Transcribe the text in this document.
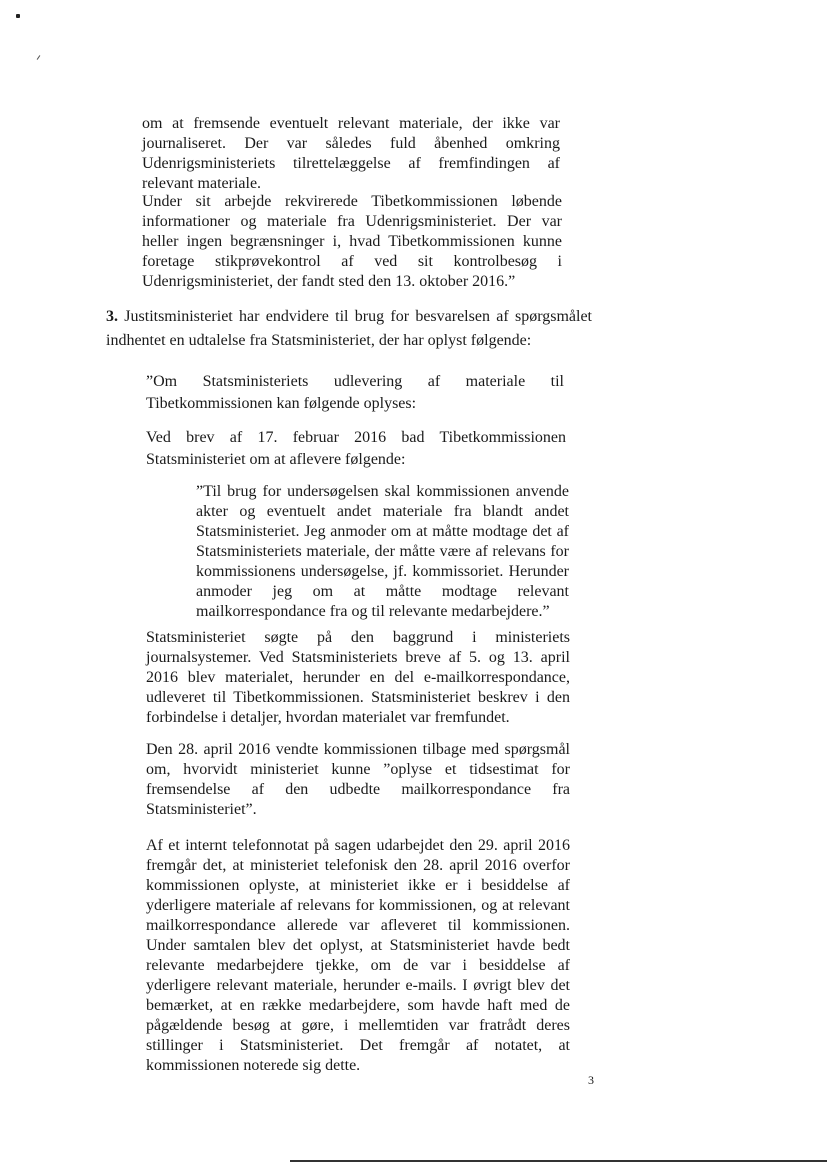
om at fremsende eventuelt relevant materiale, der ikke var journaliseret. Der var således fuld åbenhed omkring Udenrigsministeriets tilrettelæggelse af fremfindingen af relevant materiale.

Under sit arbejde rekvirerede Tibetkommissionen løbende informationer og materiale fra Udenrigsministeriet. Der var heller ingen begrænsninger i, hvad Tibetkommissionen kunne foretage stikprøvekontrol af ved sit kontrolbesøg i Udenrigsministeriet, der fandt sted den 13. oktober 2016.”

3. Justitsministeriet har endvidere til brug for besvarelsen af spørgsmålet indhentet en udtalelse fra Statsministeriet, der har oplyst følgende:

”Om Statsministeriets udlevering af materiale til Tibetkommissionen kan følgende oplyses:

Ved brev af 17. februar 2016 bad Tibetkommissionen Statsministeriet om at aflevere følgende:

”Til brug for undersøgelsen skal kommissionen anvende akter og eventuelt andet materiale fra blandt andet Statsministeriet. Jeg anmoder om at måtte modtage det af Statsministeriets materiale, der måtte være af relevans for kommissionens undersøgelse, jf. kommissoriet. Herunder anmoder jeg om at måtte modtage relevant mailkorrespondance fra og til relevante medarbejdere.”

Statsministeriet søgte på den baggrund i ministeriets journalsystemer. Ved Statsministeriets breve af 5. og 13. april 2016 blev materialet, herunder en del e-mailkorrespondance, udleveret til Tibetkommissionen. Statsministeriet beskrev i den forbindelse i detaljer, hvordan materialet var fremfundet.

Den 28. april 2016 vendte kommissionen tilbage med spørgsmål om, hvorvidt ministeriet kunne ”oplyse et tidsestimat for fremsendelse af den udbedte mailkorrespondance fra Statsministeriet”.

Af et internt telefonnotat på sagen udarbejdet den 29. april 2016 fremgår det, at ministeriet telefonisk den 28. april 2016 overfor kommissionen oplyste, at ministeriet ikke er i besiddelse af yderligere materiale af relevans for kommissionen, og at relevant mailkorrespondance allerede var afleveret til kommissionen. Under samtalen blev det oplyst, at Statsministeriet havde bedt relevante medarbejdere tjekke, om de var i besiddelse af yderligere relevant materiale, herunder e-mails. I øvrigt blev det bemærket, at en række medarbejdere, som havde haft med de pågældende besøg at gøre, i mellemtiden var fratrådt deres stillinger i Statsministeriet. Det fremgår af notatet, at kommissionen noterede sig dette.

3
